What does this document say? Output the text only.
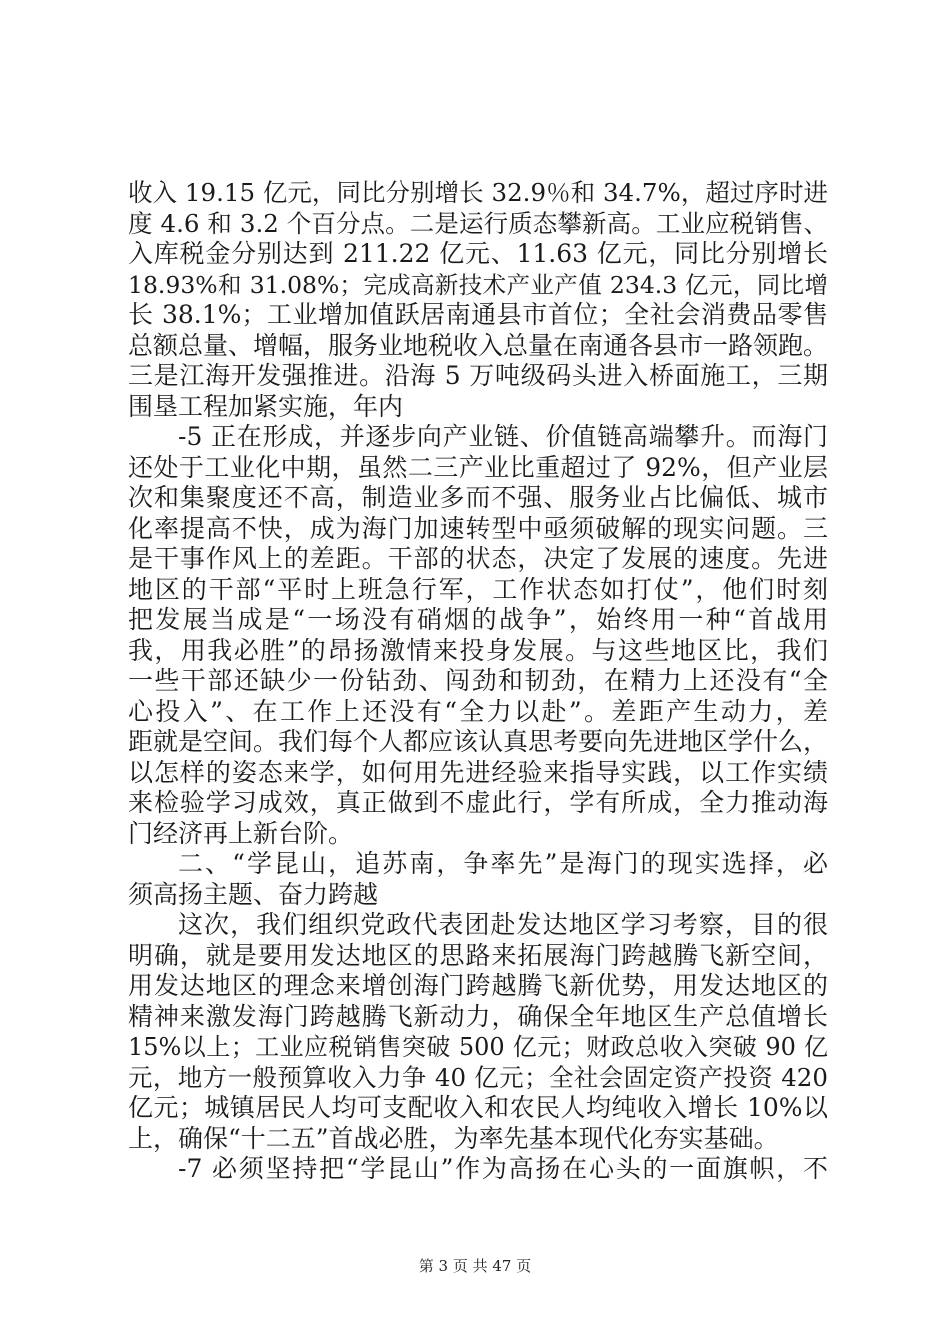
收入 19.15 亿元，同比分别增长 32.9％和 34.7%，超过序时进
度 4.6 和 3.2 个百分点。二是运行质态攀新高。工业应税销售、
入库税金分别达到 211.22 亿元、11.63 亿元，同比分别增长
18.93%和 31.08%；完成高新技术产业产值 234.3 亿元，同比增
长 38.1%；工业增加值跃居南通县市首位；全社会消费品零售
总额总量、增幅，服务业地税收入总量在南通各县市一路领跑。
三是江海开发强推进。沿海 5 万吨级码头进入桥面施工，三期
围垦工程加紧实施，年内
-5 正在形成，并逐步向产业链、价值链高端攀升。而海门
还处于工业化中期，虽然二三产业比重超过了 92%，但产业层
次和集聚度还不高，制造业多而不强、服务业占比偏低、城市
化率提高不快，成为海门加速转型中亟须破解的现实问题。三
是干事作风上的差距。干部的状态，决定了发展的速度。先进
地区的干部“平时上班急行军，工作状态如打仗”，他们时刻
把发展当成是“一场没有硝烟的战争”，始终用一种“首战用
我，用我必胜”的昂扬激情来投身发展。与这些地区比，我们
一些干部还缺少一份钻劲、闯劲和韧劲，在精力上还没有“全
心投入”、在工作上还没有“全力以赴”。差距产生动力，差
距就是空间。我们每个人都应该认真思考要向先进地区学什么，
以怎样的姿态来学，如何用先进经验来指导实践，以工作实绩
来检验学习成效，真正做到不虚此行，学有所成，全力推动海
门经济再上新台阶。
二、“学昆山，追苏南，争率先”是海门的现实选择，必
须高扬主题、奋力跨越
这次，我们组织党政代表团赴发达地区学习考察，目的很
明确，就是要用发达地区的思路来拓展海门跨越腾飞新空间，
用发达地区的理念来增创海门跨越腾飞新优势，用发达地区的
精神来激发海门跨越腾飞新动力，确保全年地区生产总值增长
15%以上；工业应税销售突破 500 亿元；财政总收入突破 90 亿
元，地方一般预算收入力争 40 亿元；全社会固定资产投资 420
亿元；城镇居民人均可支配收入和农民人均纯收入增长 10%以
上，确保“十二五”首战必胜，为率先基本现代化夯实基础。
-7 必须坚持把“学昆山”作为高扬在心头的一面旗帜，不
第 3 页 共 47 页
